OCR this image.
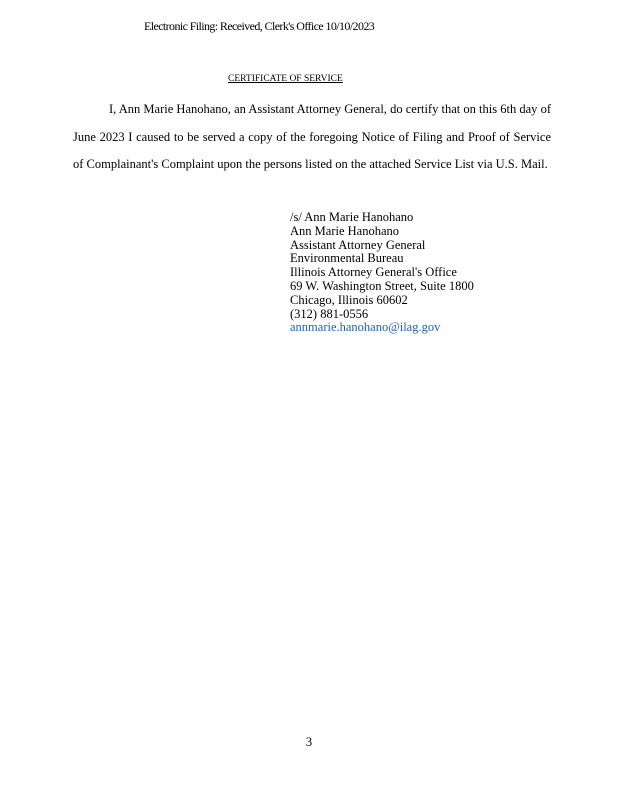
Electronic Filing: Received, Clerk's Office 10/10/2023
CERTIFICATE OF SERVICE
I, Ann Marie Hanohano, an Assistant Attorney General, do certify that on this 6th day of June 2023 I caused to be served a copy of the foregoing Notice of Filing and Proof of Service of Complainant's Complaint upon the persons listed on the attached Service List via U.S. Mail.
/s/ Ann Marie Hanohano
Ann Marie Hanohano
Assistant Attorney General
Environmental Bureau
Illinois Attorney General's Office
69 W. Washington Street, Suite 1800
Chicago, Illinois 60602
(312) 881-0556
annmarie.hanohano@ilag.gov
3
